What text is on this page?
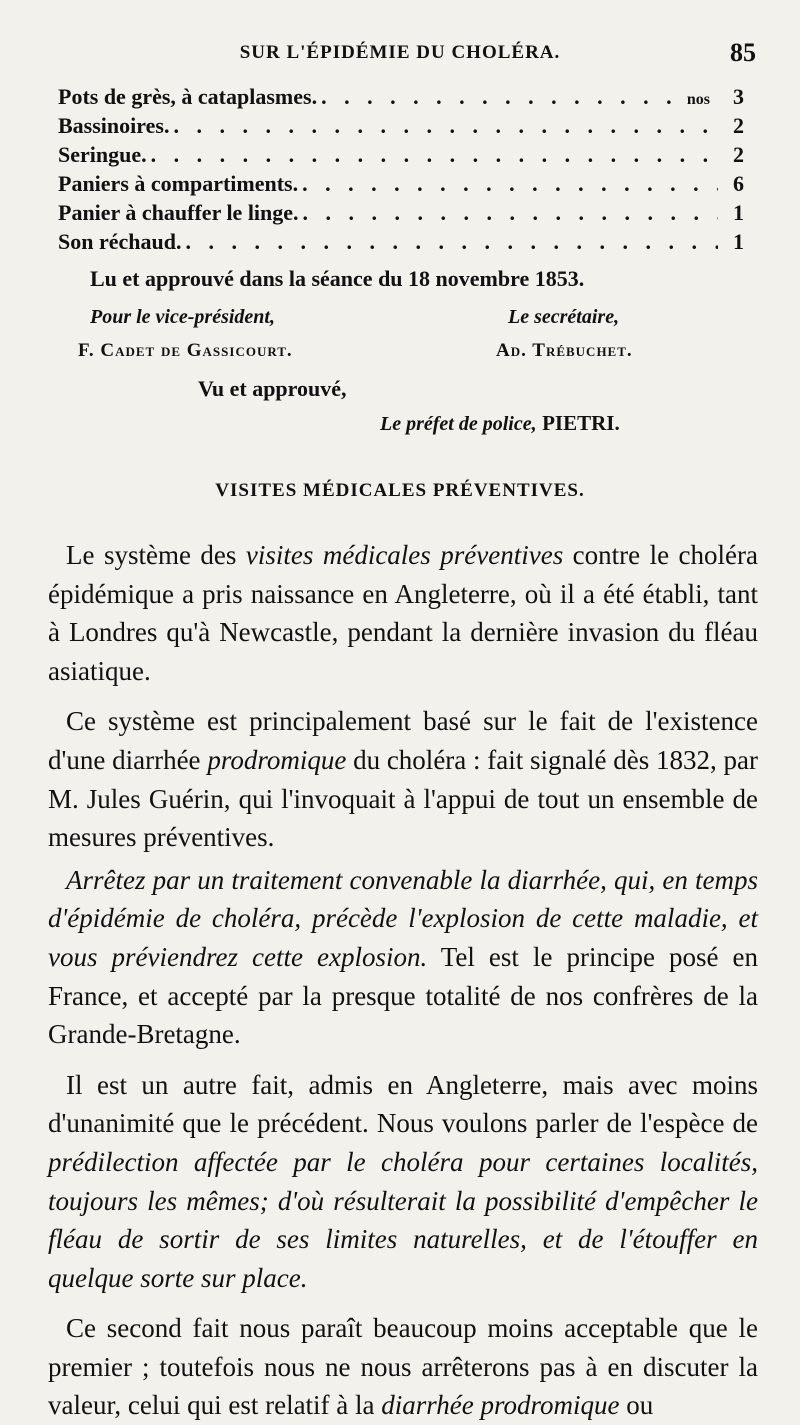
SUR L'ÉPIDÉMIE DU CHOLÉRA.	85
Pots de grès, à cataplasmes. . . .	nos	3
Bassinoires. . . .	2
Seringue. . . .	2
Paniers à compartiments. . . .	6
Panier à chauffer le linge. . . .	1
Son réchaud. . . .	1
Lu et approuvé dans la séance du 18 novembre 1853.
Pour le vice-président,	Le secrétaire,
F. Cadet de Gassicourt.	Ad. Trébuchet.
Vu et approuvé,
Le préfet de police, PIETRI.
VISITES MÉDICALES PRÉVENTIVES.

Le système des visites médicales préventives contre le choléra épidémique a pris naissance en Angleterre, où il a été établi, tant à Londres qu'à Newcastle, pendant la dernière invasion du fléau asiatique.

Ce système est principalement basé sur le fait de l'existence d'une diarrhée prodromique du choléra : fait signalé dès 1832, par M. Jules Guérin, qui l'invoquait à l'appui de tout un ensemble de mesures préventives.

Arrêtez par un traitement convenable la diarrhée, qui, en temps d'épidémie de choléra, précède l'explosion de cette maladie, et vous préviendrez cette explosion. Tel est le principe posé en France, et accepté par la presque totalité de nos confrères de la Grande-Bretagne.

Il est un autre fait, admis en Angleterre, mais avec moins d'unanimité que le précédent. Nous voulons parler de l'espèce de prédilection affectée par le choléra pour certaines localités, toujours les mêmes; d'où résulterait la possibilité d'empêcher le fléau de sortir de ses limites naturelles, et de l'étouffer en quelque sorte sur place.

Ce second fait nous paraît beaucoup moins acceptable que le premier ; toutefois nous ne nous arrêterons pas à en discuter la valeur, celui qui est relatif à la diarrhée prodromique ou
